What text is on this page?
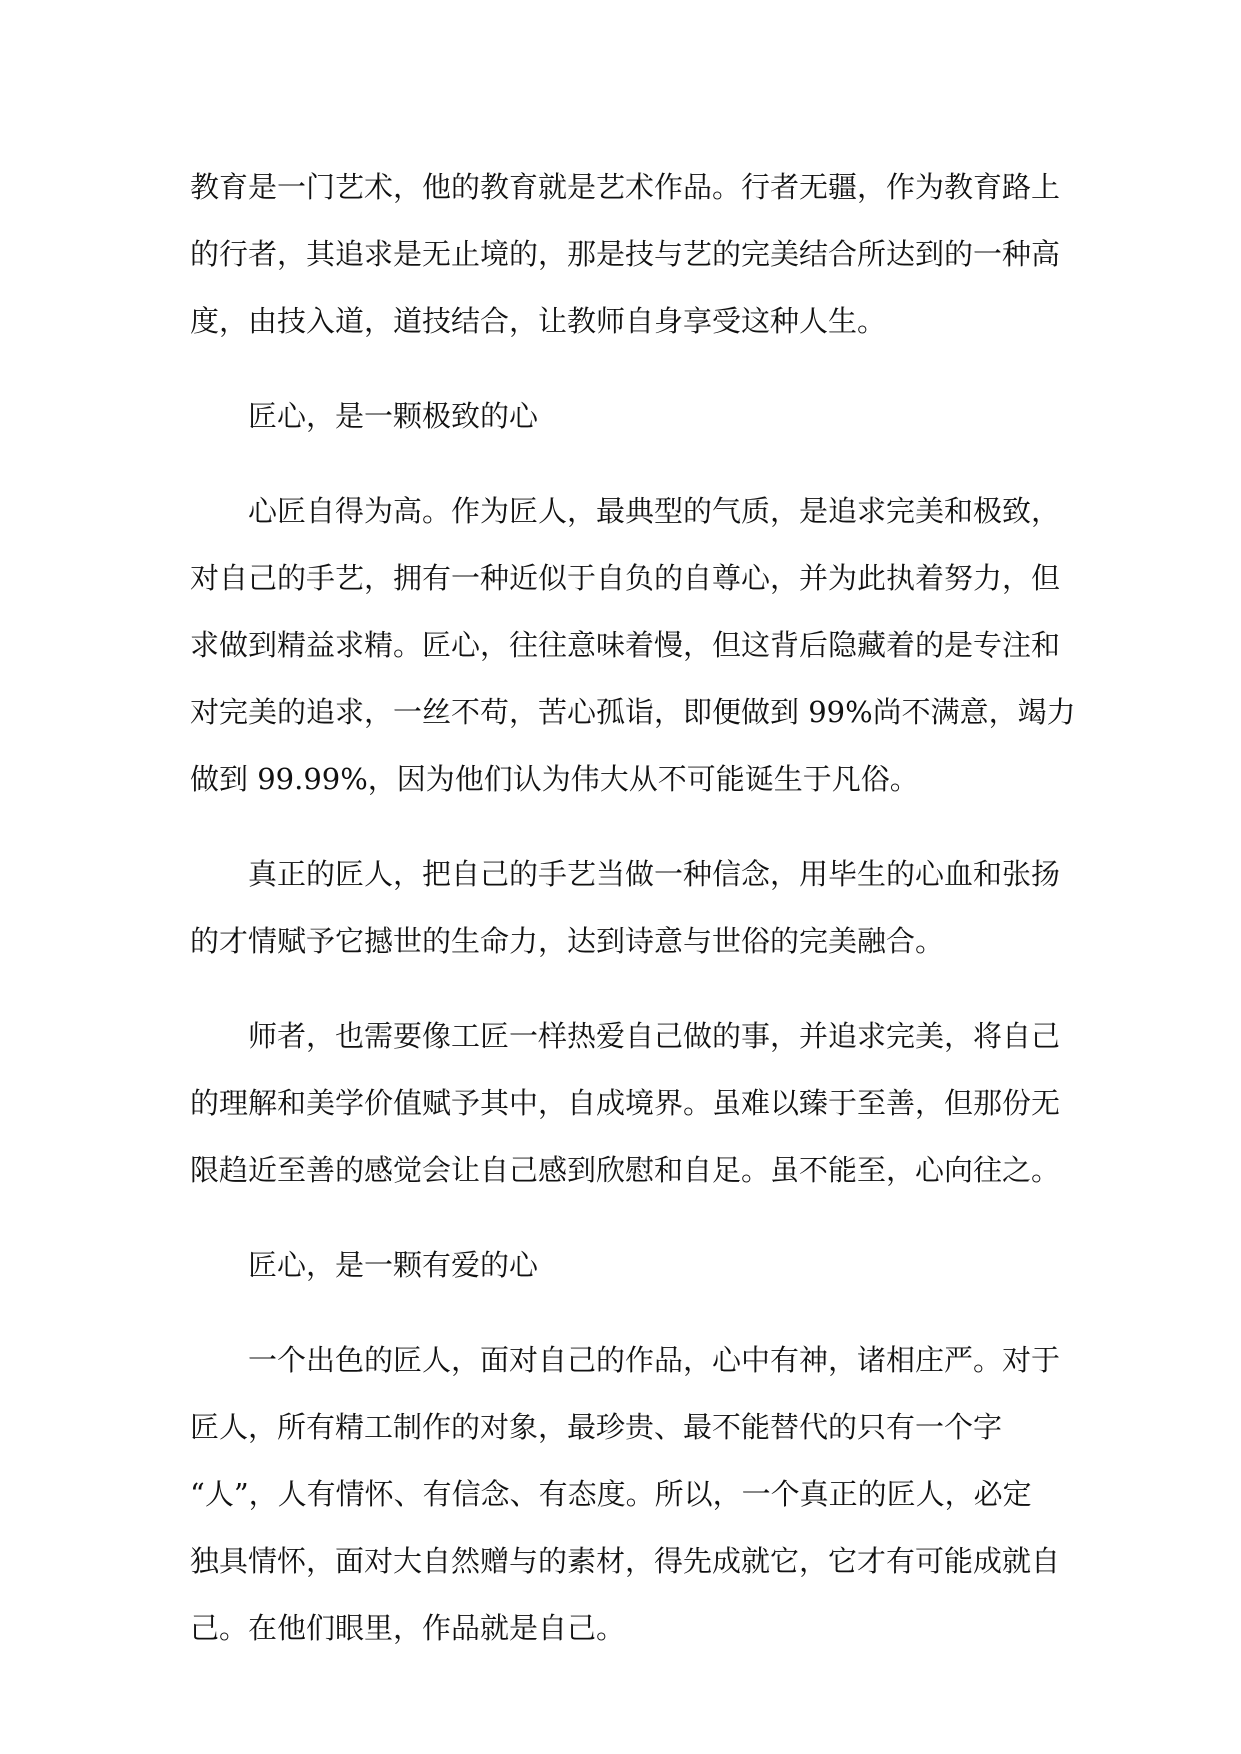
教育是一门艺术，他的教育就是艺术作品。行者无疆，作为教育路上
的行者，其追求是无止境的，那是技与艺的完美结合所达到的一种高
度，由技入道，道技结合，让教师自身享受这种人生。
匠心，是一颗极致的心
心匠自得为高。作为匠人，最典型的气质，是追求完美和极致，
对自己的手艺，拥有一种近似于自负的自尊心，并为此执着努力，但
求做到精益求精。匠心，往往意味着慢，但这背后隐藏着的是专注和
对完美的追求，一丝不苟，苦心孤诣，即便做到 99%尚不满意，竭力
做到 99.99%，因为他们认为伟大从不可能诞生于凡俗。
真正的匠人，把自己的手艺当做一种信念，用毕生的心血和张扬
的才情赋予它撼世的生命力，达到诗意与世俗的完美融合。
师者，也需要像工匠一样热爱自己做的事，并追求完美，将自己
的理解和美学价值赋予其中，自成境界。虽难以臻于至善，但那份无
限趋近至善的感觉会让自己感到欣慰和自足。虽不能至，心向往之。
匠心，是一颗有爱的心
一个出色的匠人，面对自己的作品，心中有神，诸相庄严。对于
匠人，所有精工制作的对象，最珍贵、最不能替代的只有一个字
“人”，人有情怀、有信念、有态度。所以，一个真正的匠人，必定
独具情怀，面对大自然赠与的素材，得先成就它，它才有可能成就自
己。在他们眼里，作品就是自己。
